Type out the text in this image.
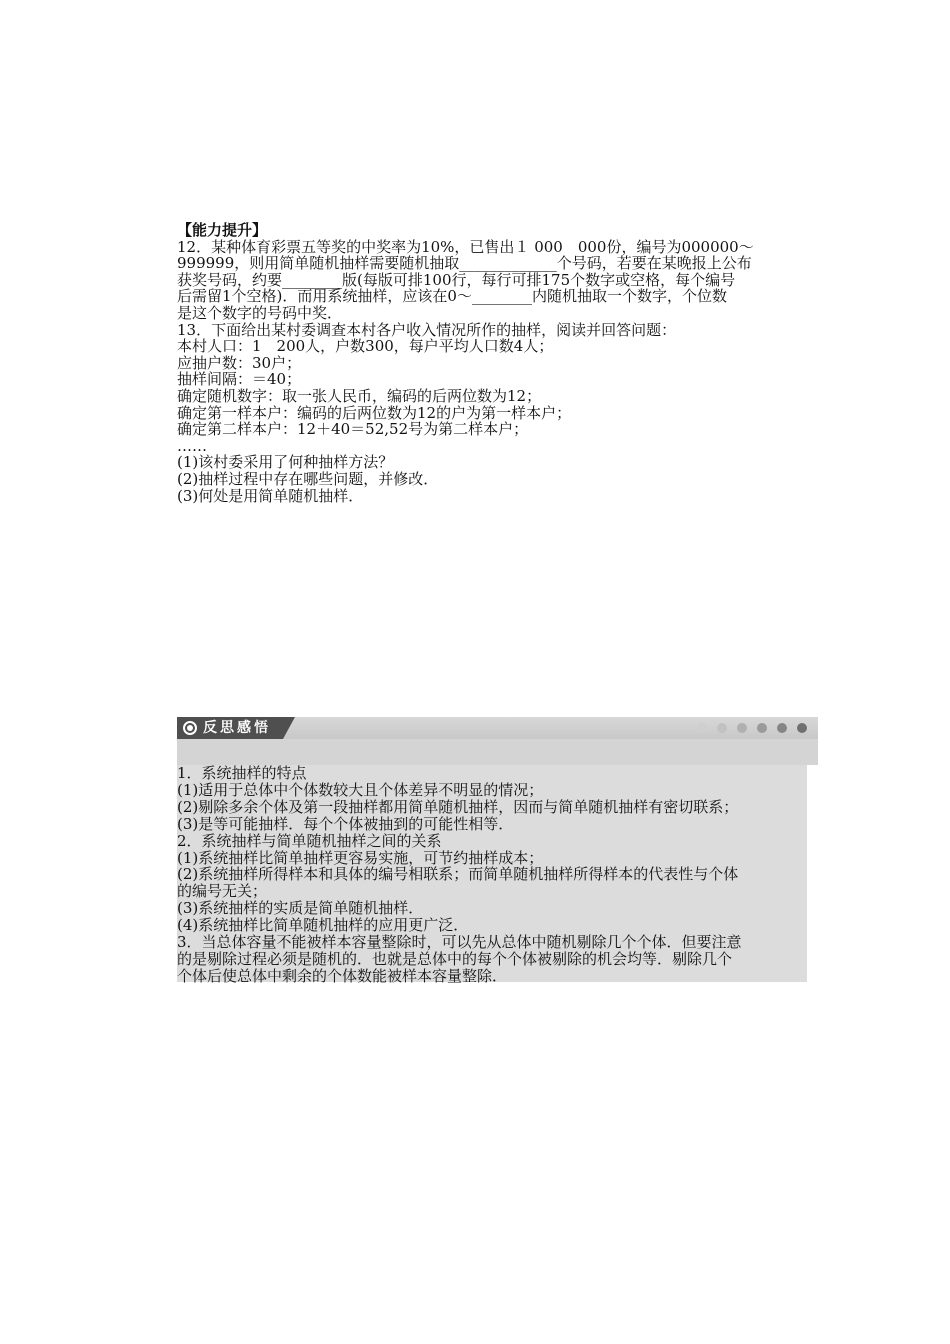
【能力提升】
12．某种体育彩票五等奖的中奖率为10%，已售出１ 000　000份，编号为000000～
999999，则用简单随机抽样需要随机抽取_____________个号码，若要在某晚报上公布
获奖号码，约要________版(每版可排100行，每行可排175个数字或空格，每个编号
后需留1个空格)．而用系统抽样，应该在0～________内随机抽取一个数字，个位数
是这个数字的号码中奖．
13．下面给出某村委调查本村各户收入情况所作的抽样，阅读并回答问题：
本村人口：1　200人，户数300，每户平均人口数4人；
应抽户数：30户；
抽样间隔：＝40；
确定随机数字：取一张人民币，编码的后两位数为12；
确定第一样本户：编码的后两位数为12的户为第一样本户；
确定第二样本户：12＋40＝52,52号为第二样本户；
……
(1)该村委采用了何种抽样方法？
(2)抽样过程中存在哪些问题，并修改．
(3)何处是用简单随机抽样．
反思感悟
1．系统抽样的特点
(1)适用于总体中个体数较大且个体差异不明显的情况；
(2)剔除多余个体及第一段抽样都用简单随机抽样，因而与简单随机抽样有密切联系；
(3)是等可能抽样．每个个体被抽到的可能性相等．
2．系统抽样与简单随机抽样之间的关系
(1)系统抽样比简单抽样更容易实施，可节约抽样成本；
(2)系统抽样所得样本和具体的编号相联系；而简单随机抽样所得样本的代表性与个体
的编号无关；
(3)系统抽样的实质是简单随机抽样．
(4)系统抽样比简单随机抽样的应用更广泛．
3．当总体容量不能被样本容量整除时，可以先从总体中随机剔除几个个体．但要注意
的是剔除过程必须是随机的．也就是总体中的每个个体被剔除的机会均等．剔除几个
个体后使总体中剩余的个体数能被样本容量整除．
